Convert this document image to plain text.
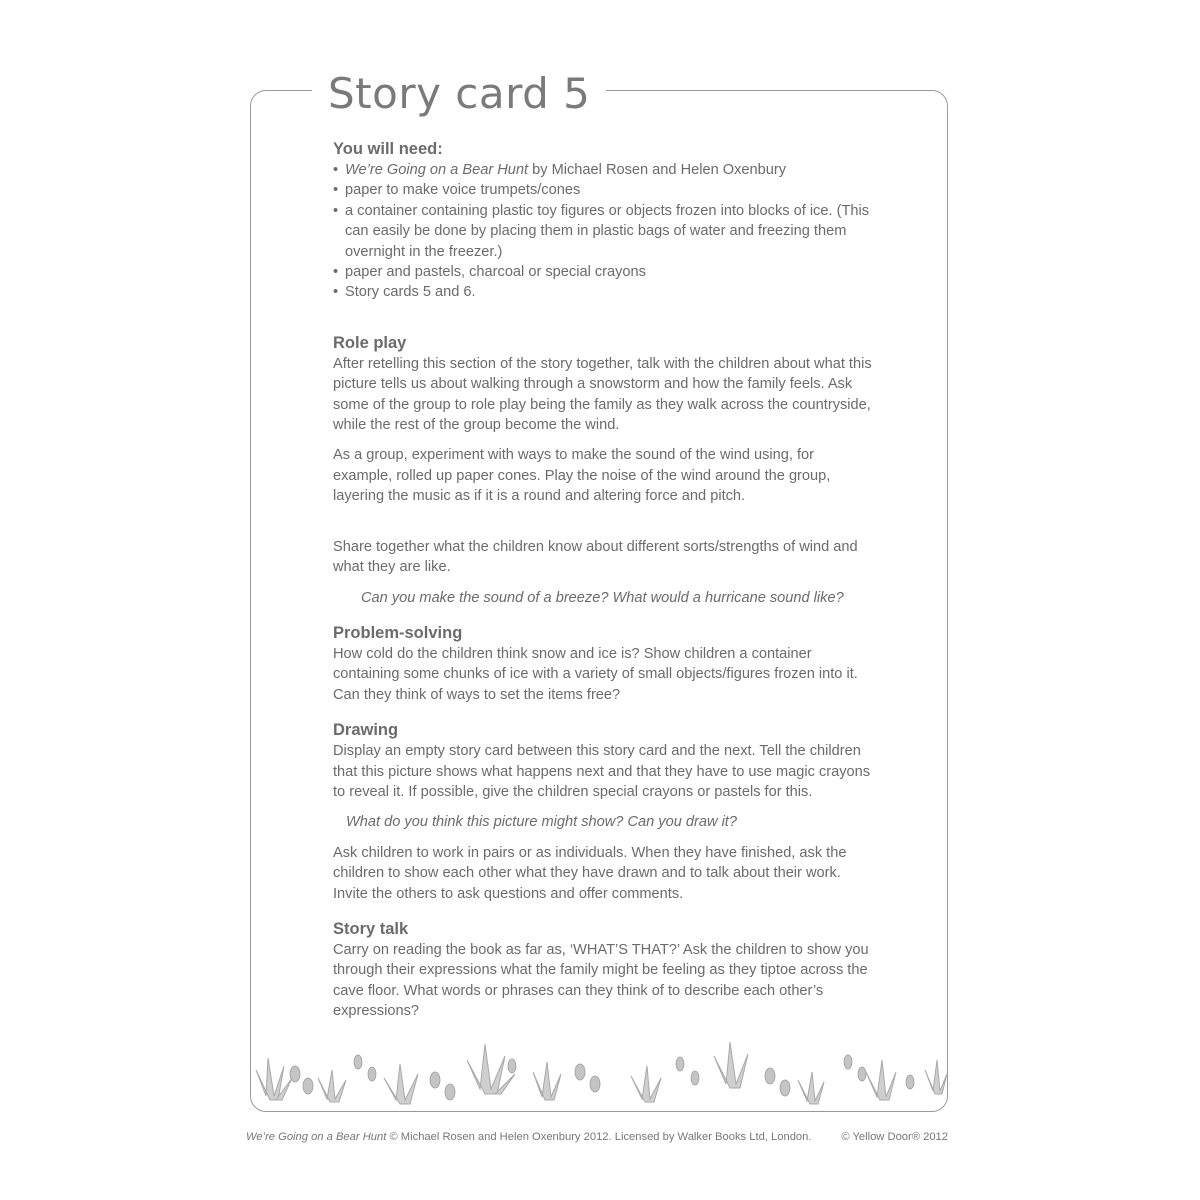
Story card 5
You will need:
• We’re Going on a Bear Hunt by Michael Rosen and Helen Oxenbury
• paper to make voice trumpets/cones
• a container containing plastic toy figures or objects frozen into blocks of ice. (This can easily be done by placing them in plastic bags of water and freezing them overnight in the freezer.)
• paper and pastels, charcoal or special crayons
• Story cards 5 and 6.
Role play

After retelling this section of the story together, talk with the children about what this picture tells us about walking through a snowstorm and how the family feels. Ask some of the group to role play being the family as they walk across the countryside, while the rest of the group become the wind.

As a group, experiment with ways to make the sound of the wind using, for example, rolled up paper cones. Play the noise of the wind around the group, layering the music as if it is a round and altering force and pitch.

Share together what the children know about different sorts/strengths of wind and what they are like.

Can you make the sound of a breeze? What would a hurricane sound like?

Problem-solving

How cold do the children think snow and ice is? Show children a container containing some chunks of ice with a variety of small objects/figures frozen into it. Can they think of ways to set the items free?

Drawing

Display an empty story card between this story card and the next. Tell the children that this picture shows what happens next and that they have to use magic crayons to reveal it. If possible, give the children special crayons or pastels for this.

What do you think this picture might show? Can you draw it?

Ask children to work in pairs or as individuals. When they have finished, ask the children to show each other what they have drawn and to talk about their work. Invite the others to ask questions and offer comments.

Story talk

Carry on reading the book as far as, ‘WHAT’S THAT?’ Ask the children to show you through their expressions what the family might be feeling as they tiptoe across the cave floor. What words or phrases can they think of to describe each other’s expressions?

We’re Going on a Bear Hunt © Michael Rosen and Helen Oxenbury 2012. Licensed by Walker Books Ltd, London.	© Yellow Door® 2012
